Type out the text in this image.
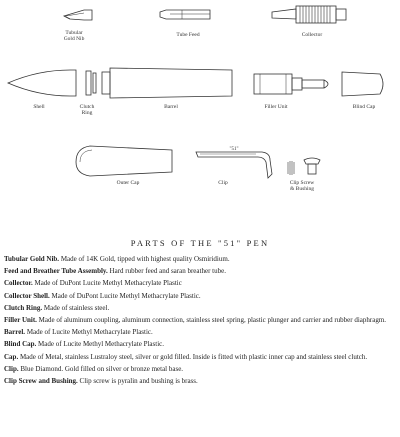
Tubular
Gold Nib
Tube Feed	Collector
Shell	Clutch
Ring
Barrel	Filler Unit	Blind Cap
Outer Cap	Clip	Clip Screw
& Bushing
"51"
PARTS OF THE "51" PEN
Tubular Gold Nib. Made of 14K Gold, tipped with highest quality Osmiridium.
Feed and Breather Tube Assembly. Hard rubber feed and saran breather tube.
Collector. Made of DuPont Lucite Methyl Methacrylate Plastic
Collector Shell. Made of DuPont Lucite Methyl Methacrylate Plastic.
Clutch Ring. Made of stainless steel.
Filler Unit. Made of aluminum coupling, aluminum connection, stainless steel spring, plastic plunger and carrier and rubber diaphragm.
Barrel. Made of Lucite Methyl Methacrylate Plastic.
Blind Cap. Made of Lucite Methyl Methacrylate Plastic.
Cap. Made of Metal, stainless Lustraloy steel, silver or gold filled. Inside is fitted with plastic inner cap and stainless steel clutch.
Clip. Blue Diamond. Gold filled on silver or bronze metal base.
Clip Screw and Bushing. Clip screw is pyralin and bushing is brass.
